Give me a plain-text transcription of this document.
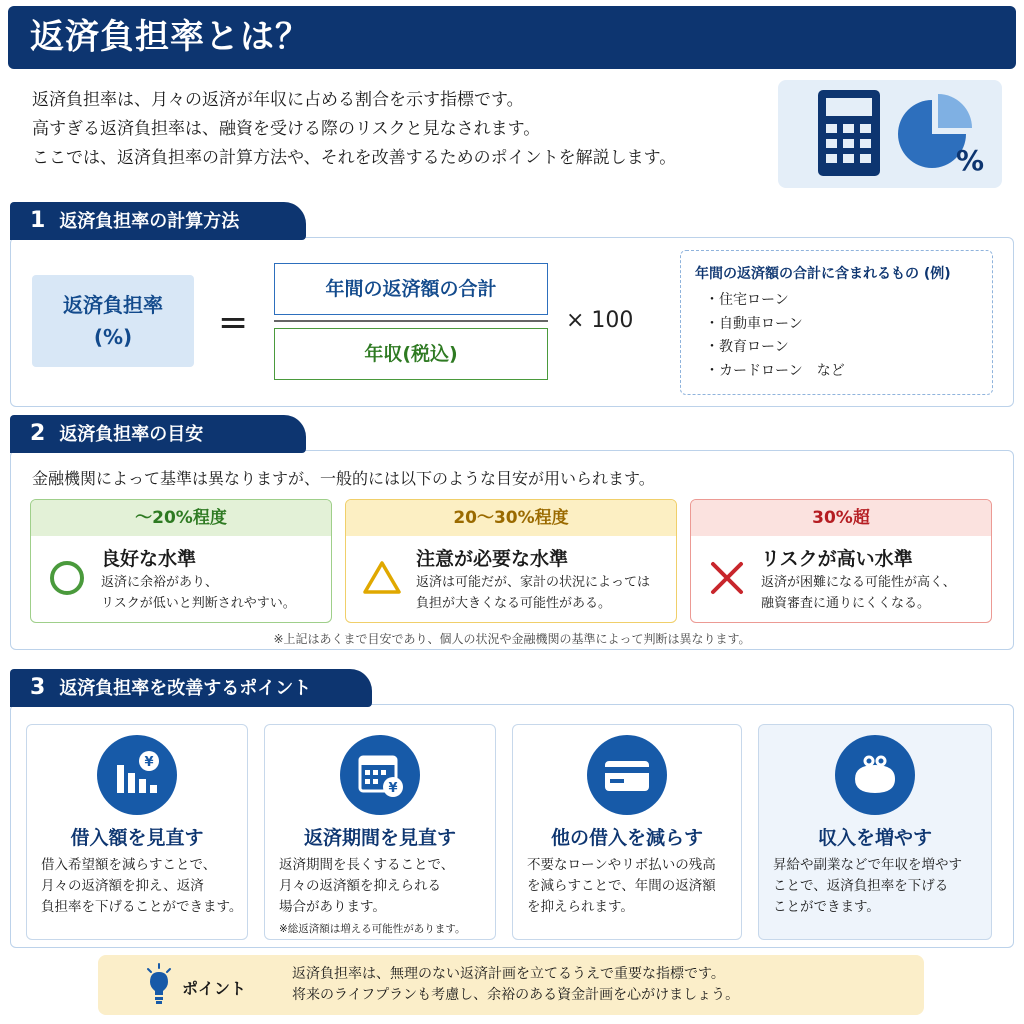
返済負担率とは？
返済負担率は、月々の返済が年収に占める割合を示す指標です。
高すぎる返済負担率は、融資を受ける際のリスクと見なされます。
ここでは、返済負担率の計算方法や、それを改善するためのポイントを解説します。	%
1 返済負担率の計算方法
返済負担率
(%)	=
年間の返済額の合計
年収(税込)
× 100
年間の返済額の合計に含まれるもの (例)
・住宅ローン
・自動車ローン
・教育ローン
・カードローン　など
2 返済負担率の目安
金融機関によって基準は異なりますが、一般的には以下のような目安が用いられます。
〜20%程度
良好な水準
返済に余裕があり、
リスクが低いと判断されやすい。
20〜30%程度
注意が必要な水準
返済は可能だが、家計の状況によっては
負担が大きくなる可能性がある。
30%超
リスクが高い水準
返済が困難になる可能性が高く、
融資審査に通りにくくなる。
※上記はあくまで目安であり、個人の状況や金融機関の基準によって判断は異なります。
3 返済負担率を改善するポイント
¥
借入額を見直す
借入希望額を減らすことで、
月々の返済額を抑え、返済
負担率を下げることができます。
¥
返済期間を見直す
返済期間を長くすることで、
月々の返済額を抑えられる
場合があります。
※総返済額は増える可能性があります。
他の借入を減らす
不要なローンやリボ払いの残高
を減らすことで、年間の返済額
を抑えられます。
収入を増やす
昇給や副業などで年収を増やす
ことで、返済負担率を下げる
ことができます。
ポイント
返済負担率は、無理のない返済計画を立てるうえで重要な指標です。
将来のライフプランも考慮し、余裕のある資金計画を心がけましょう。
